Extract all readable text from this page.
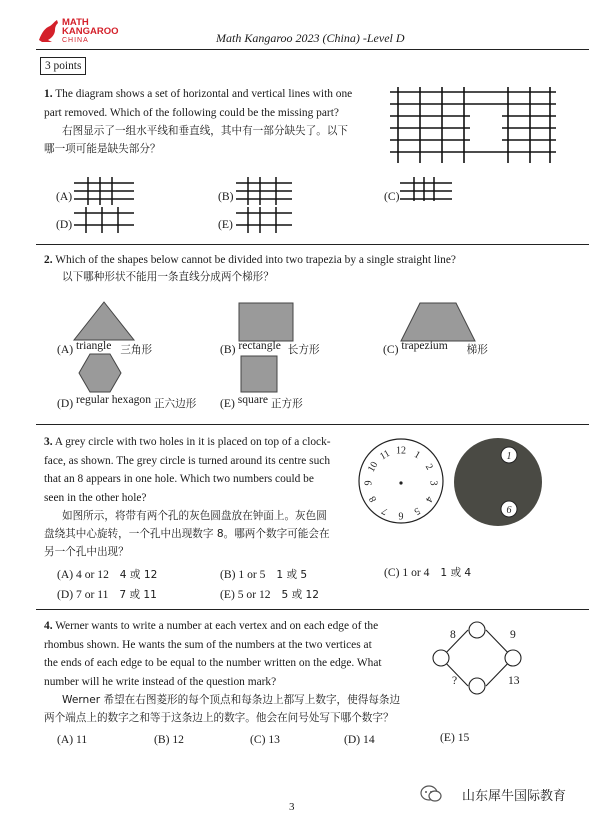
MATH
KANGAROO
CHINA	Math Kangaroo 2023 (China) -Level D
3 points
1. The diagram shows a set of horizontal and vertical lines with one
part removed. Which of the following could be the missing part?
右图显示了一组水平线和垂直线，其中有一部分缺失了。以下
哪一项可能是缺失部分？
(A)	(B)	(C)
(D)	(E)
2. Which of the shapes below cannot be divided into two trapezia by a single straight line?
以下哪种形状不能用一条直线分成两个梯形？
(A) triangle 三角形	(B) rectangle 长方形	(C) trapezium 梯形
(D) regular hexagon 正六边形 (E) square 正方形
3. A grey circle with two holes in it is placed on top of a clock-
face, as shown. The grey circle is turned around its centre such
that an 8 appears in one hole. Which two numbers could be
seen in the other hole?
如图所示，将带有两个孔的灰色圆盘放在钟面上。灰色圆
盘绕其中心旋转，一个孔中出现数字 8。哪两个数字可能会在
另一个孔中出现？
12 1
2
3
4
5
6
7
8
9
10
11	1
6
(A) 4 or 12 4 或 12	(B) 1 or 5 1 或 5	(C) 1 or 4 1 或 4
(D) 7 or 11 7 或 11	(E) 5 or 12 5 或 12
4. Werner wants to write a number at each vertex and on each edge of the
rhombus shown. He wants the sum of the numbers at the two vertices at
the ends of each edge to be equal to the number written on the edge. What
number will he write instead of the question mark?
Werner 希望在右图菱形的每个顶点和每条边上都写上数字，使得每条边
两个端点上的数字之和等于这条边上的数字。他会在问号处写下哪个数字？
8	9
?	13
(A) 11	(B) 12	(C) 13	(D) 14	(E) 15
山东犀牛国际教育
3
